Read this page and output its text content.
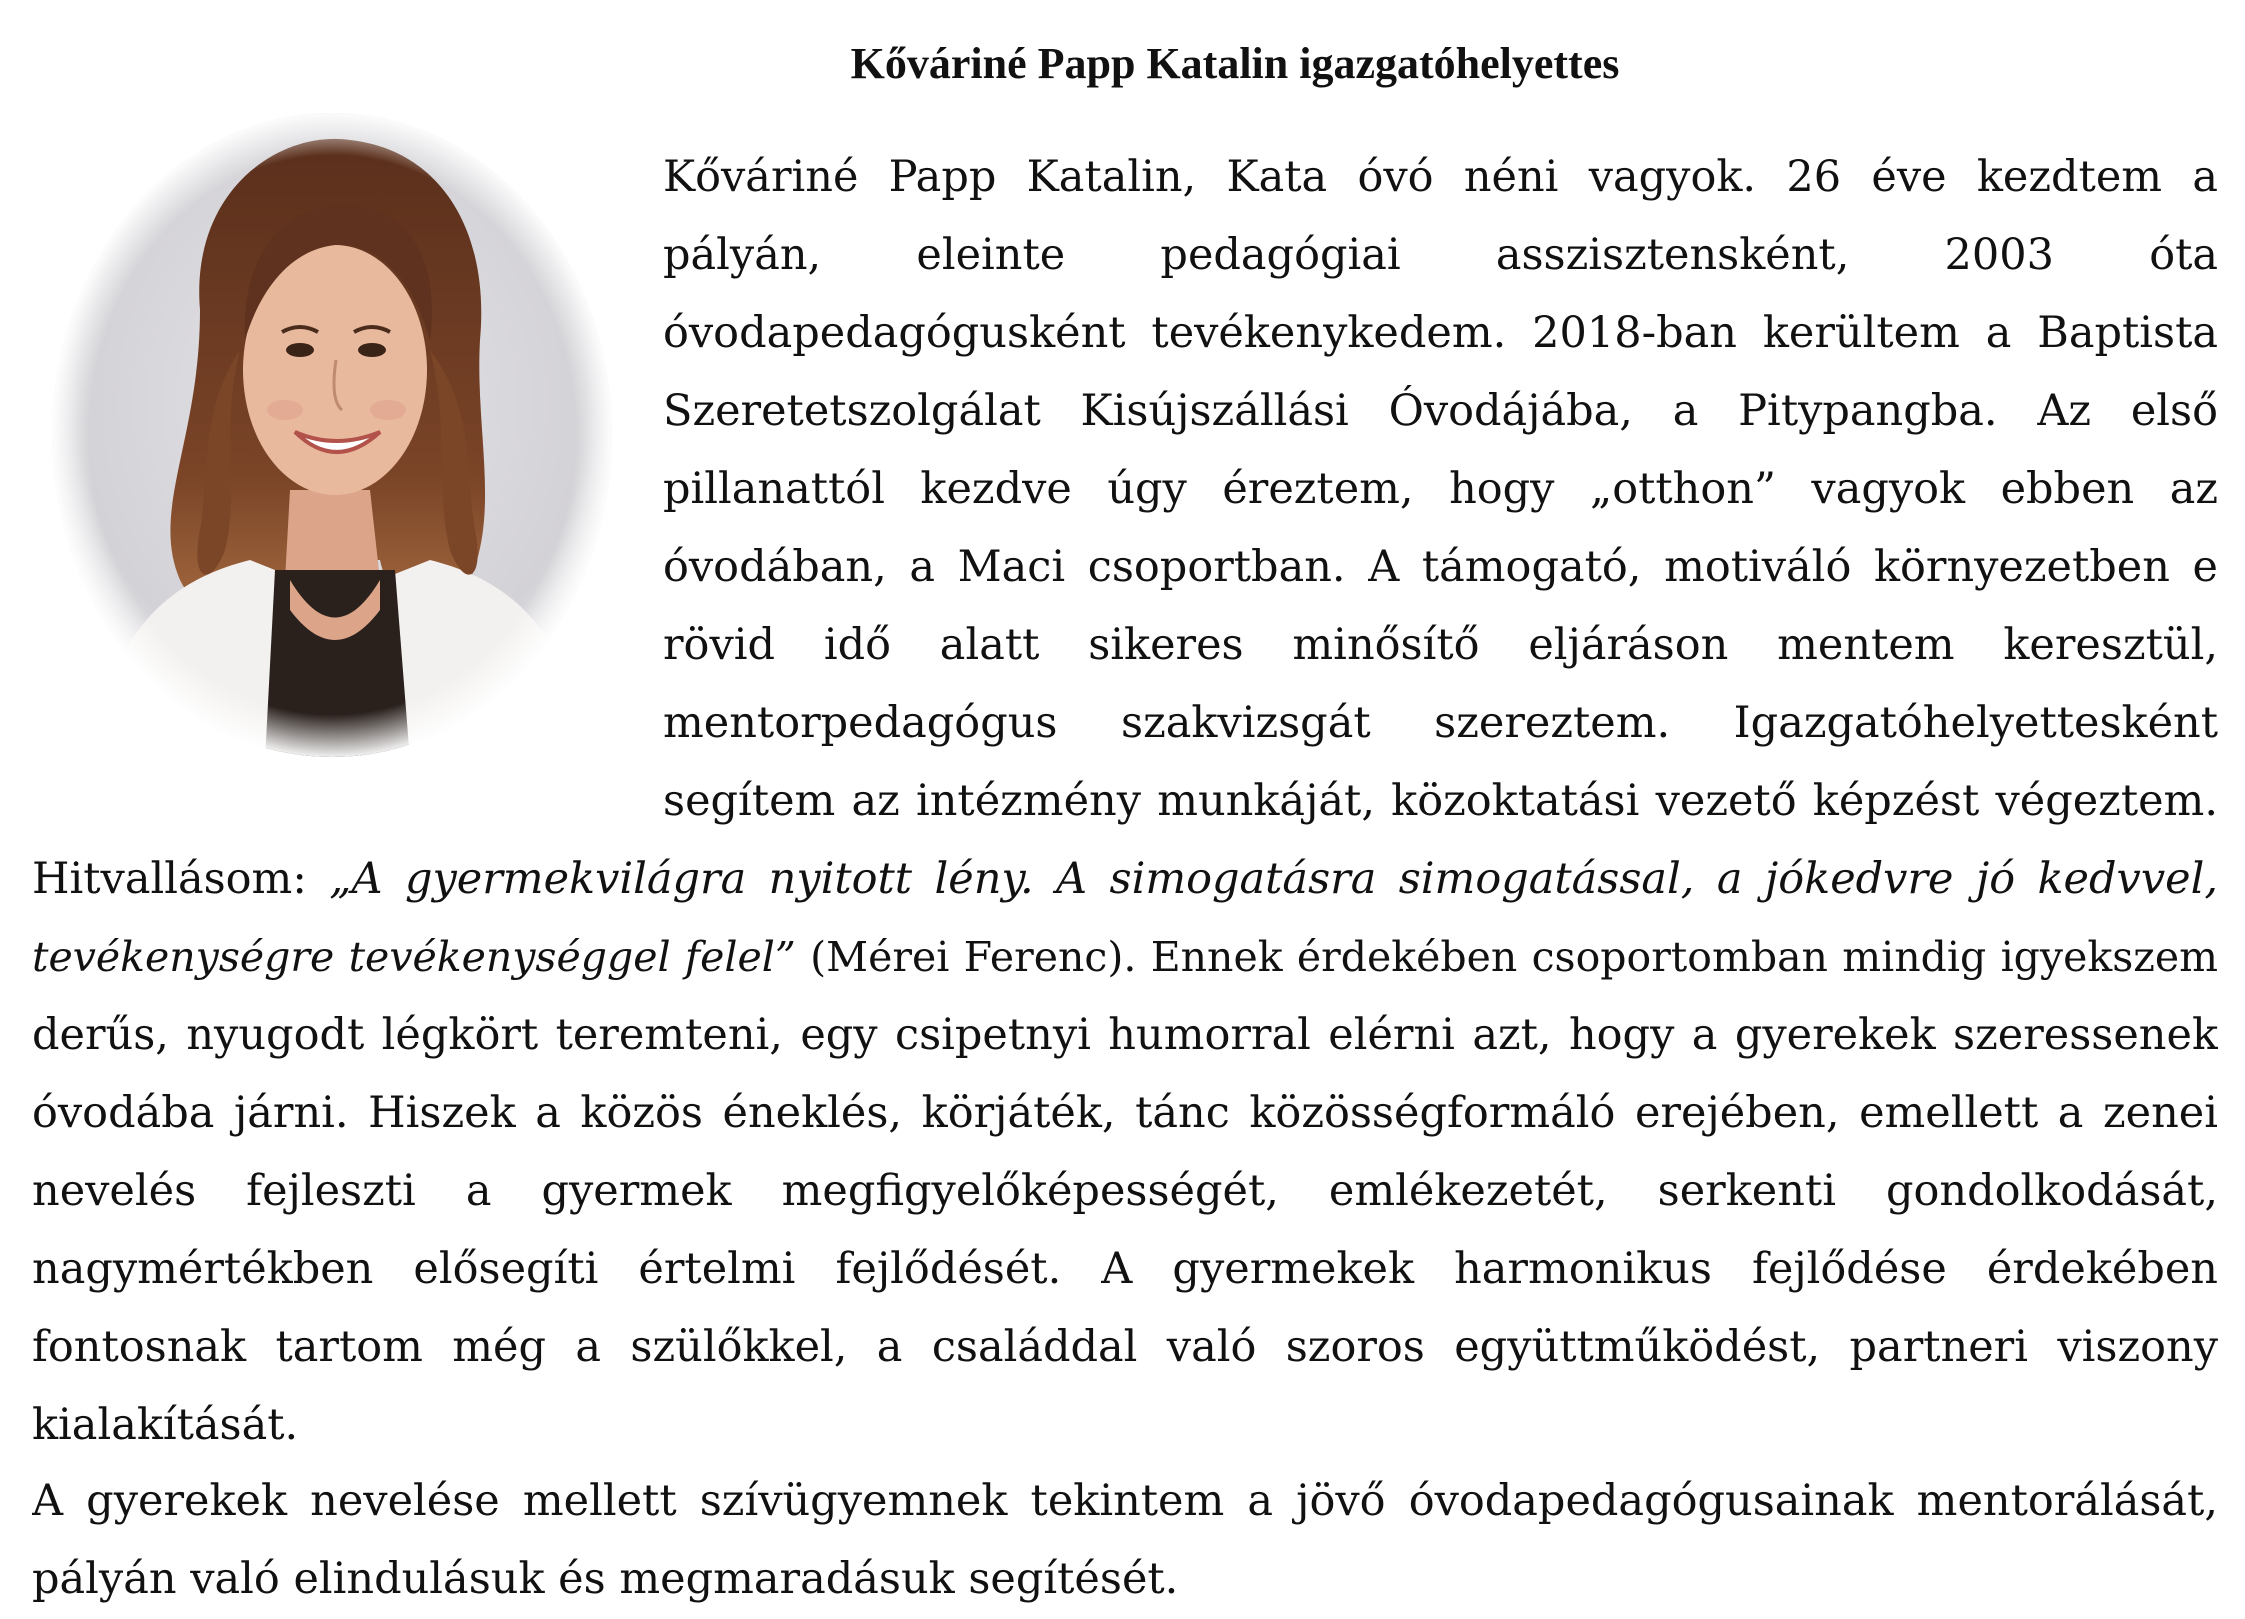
Kőváriné Papp Katalin igazgatóhelyettes
Kőváriné Papp Katalin, Kata óvó néni vagyok. 26 éve kezdtem a
pályán, eleinte pedagógiai asszisztensként, 2003 óta
óvodapedagógusként tevékenykedem. 2018-ban kerültem a Baptista
Szeretetszolgálat Kisújszállási Óvodájába, a Pitypangba. Az első
pillanattól kezdve úgy éreztem, hogy „otthon” vagyok ebben az
óvodában, a Maci csoportban. A támogató, motiváló környezetben e
rövid idő alatt sikeres minősítő eljáráson mentem keresztül,
mentorpedagógus szakvizsgát szereztem. Igazgatóhelyettesként
segítem az intézmény munkáját, közoktatási vezető képzést végeztem.
Hitvallásom: „A gyermekvilágra nyitott lény. A simogatásra simogatással, a jókedvre jó kedvvel,
tevékenységre tevékenységgel felel” (Mérei Ferenc). Ennek érdekében csoportomban mindig igyekszem
derűs, nyugodt légkört teremteni, egy csipetnyi humorral elérni azt, hogy a gyerekek szeressenek
óvodába járni. Hiszek a közös éneklés, körjáték, tánc közösségformáló erejében, emellett a zenei
nevelés fejleszti a gyermek megfigyelőképességét, emlékezetét, serkenti gondolkodását,
nagymértékben elősegíti értelmi fejlődését. A gyermekek harmonikus fejlődése érdekében
fontosnak tartom még a szülőkkel, a családdal való szoros együttműködést, partneri viszony
kialakítását.
A gyerekek nevelése mellett szívügyemnek tekintem a jövő óvodapedagógusainak mentorálását,
pályán való elindulásuk és megmaradásuk segítését.
